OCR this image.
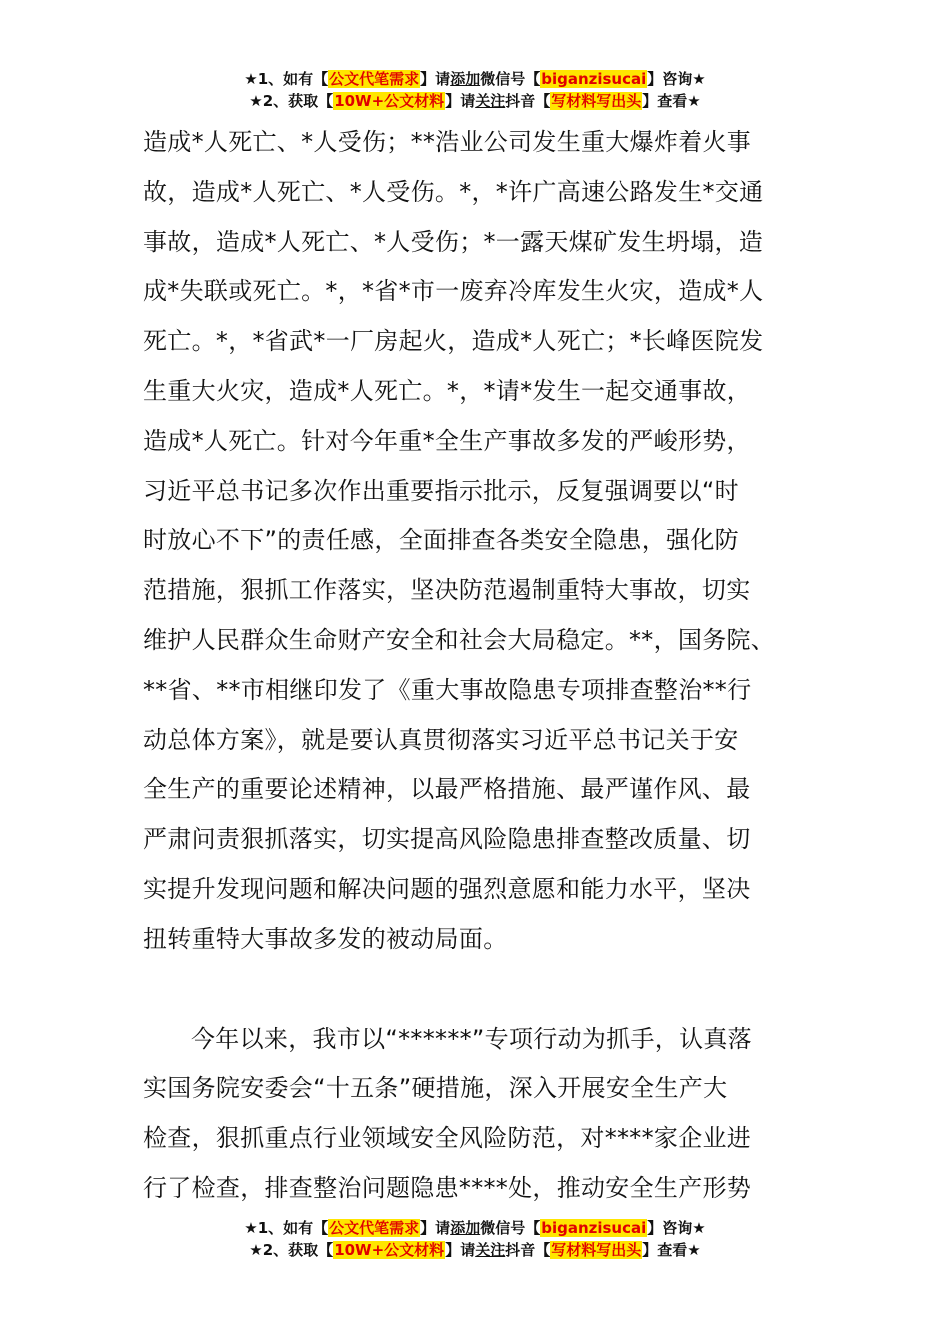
★1、如有【公文代笔需求】请添加微信号【biganzisucai】咨询★
★2、获取【10W+公文材料】请关注抖音【写材料写出头】查看★
造成*人死亡、*人受伤；**浩业公司发生重大爆炸着火事
故，造成*人死亡、*人受伤。*，*许广高速公路发生*交通
事故，造成*人死亡、*人受伤；*一露天煤矿发生坍塌，造
成*失联或死亡。*，*省*市一废弃冷库发生火灾，造成*人
死亡。*，*省武*一厂房起火，造成*人死亡；*长峰医院发
生重大火灾，造成*人死亡。*，*请*发生一起交通事故，
造成*人死亡。针对今年重*全生产事故多发的严峻形势，
习近平总书记多次作出重要指示批示，反复强调要以“时
时放心不下”的责任感，全面排查各类安全隐患，强化防
范措施，狠抓工作落实，坚决防范遏制重特大事故，切实
维护人民群众生命财产安全和社会大局稳定。**，国务院、
**省、**市相继印发了《重大事故隐患专项排查整治**行
动总体方案》，就是要认真贯彻落实习近平总书记关于安
全生产的重要论述精神，以最严格措施、最严谨作风、最
严肃问责狠抓落实，切实提高风险隐患排查整改质量、切
实提升发现问题和解决问题的强烈意愿和能力水平，坚决
扭转重特大事故多发的被动局面。
今年以来，我市以“******”专项行动为抓手，认真落
实国务院安委会“十五条”硬措施，深入开展安全生产大
检查，狠抓重点行业领域安全风险防范，对****家企业进
行了检查，排查整治问题隐患****处，推动安全生产形势
★1、如有【公文代笔需求】请添加微信号【biganzisucai】咨询★
★2、获取【10W+公文材料】请关注抖音【写材料写出头】查看★
